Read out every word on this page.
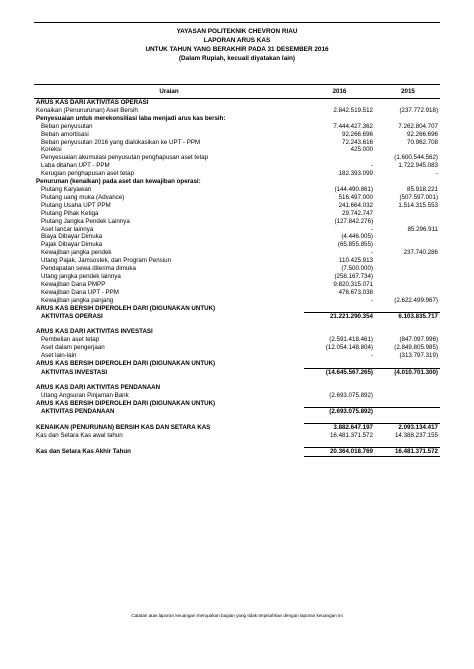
YAYASAN POLITEKNIK CHEVRON RIAU
LAPORAN ARUS KAS
UNTUK TAHUN YANG BERAKHIR PADA 31 DESEMBER 2016
(Dalam Rupiah, kecuali diyatakan lain)
Uraian	2016	2015
ARUS KAS DARI AKTIVITAS OPERASI		
Kenaikan (Penunurunan) Aset Bersih	2.842.519.512	(237.772.918)
Penyesuaian untuk merekonsiliasi laba menjadi arus kas bersih:		
Beban penyusutan	7.444.427.362	7.262.804.707
Beban amortisasi	92.266.696	92.266.696
Beban penyusutan 2016 yang dialokasikan ke UPT - PPM	72.243.616	70.962.708
Koreksi	425.000	
Penyesuaian akumulasi penyusutan penghapusan aset tetap		(1.600.544.562)
Laba ditahan UPT - PPM	-	1.722.945.083
Kerugian penghapusan aset tetap	182.393.099	-
Penurunan (kenaikan) pada aset dan kewajiban operasi:		
Piutang Karyawan	(144.490.861)	85.918.221
Piutang uang muka (Advance)	516.497.000	(507.597.001)
Piutang Usaha UPT PPM	241.664.032	1.514.315.553
Piutang Pihak Ketiga	29.742.747	
Piutang Jangka Pendek Lainnya	(127.842.276)	
Aset lancar lainnya	-	85.296.911
Biaya Dibayar Dimuka	(4.446.005)	
Pajak Dibayar Dimuka	(65.855.855)	
Kewajiban jangka pendek	-	237.740.286
Utang Pajak, Jamsostek, dan Program Pensiun	110.425.913	
Pendapatan sewa diterima dimuka	(7.500.000)	
Utang jangka pendek lainnya	(258.167.734)	
Kewajiban Dana PMPP	9.820.315.071	
Kewajiban Dana UPT - PPM	476.673.038	
Kewajiban jangka panjang	-	(2.622.499.967)
ARUS KAS BERSIH DIPEROLEH DARI (DIGUNAKAN UNTUK)		
AKTIVITAS OPERASI	21.221.290.354	6.103.835.717

ARUS KAS DARI AKTIVITAS INVESTASI		
Pembelian aset tetap	(2.591.418.461)	(847.097.996)
Aset dalam pengerjaan	(12.054.148.804)	(2.849.805.985)
Aset lain-lain	-	(313.797.319)
ARUS KAS BERSIH DIPEROLEH DARI (DIGUNAKAN UNTUK)		
AKTIVITAS INVESTASI	(14.645.567.265)	(4.010.701.300)

ARUS KAS DARI AKTIVITAS PENDANAAN		
Utang Angsuran Pinjaman Bank	(2.693.075.892)	
ARUS KAS BERSIH DIPEROLEH DARI (DIGUNAKAN UNTUK)		
AKTIVITAS PENDANAAN	(2.693.075.892)	

KENAIKAN (PENURUNAN) BERSIH KAS DAN SETARA KAS	3.882.647.197	2.093.134.417
Kas dan Setara Kas awal tahun	16.481.371.572	14.388.237.155

Kas dan Setara Kas Akhir Tahun	20.364.018.769	16.481.371.572
Catatan atas laporan keuangan merupakan bagian yang tidak terpisahkan dengan laporan keuangan ini
